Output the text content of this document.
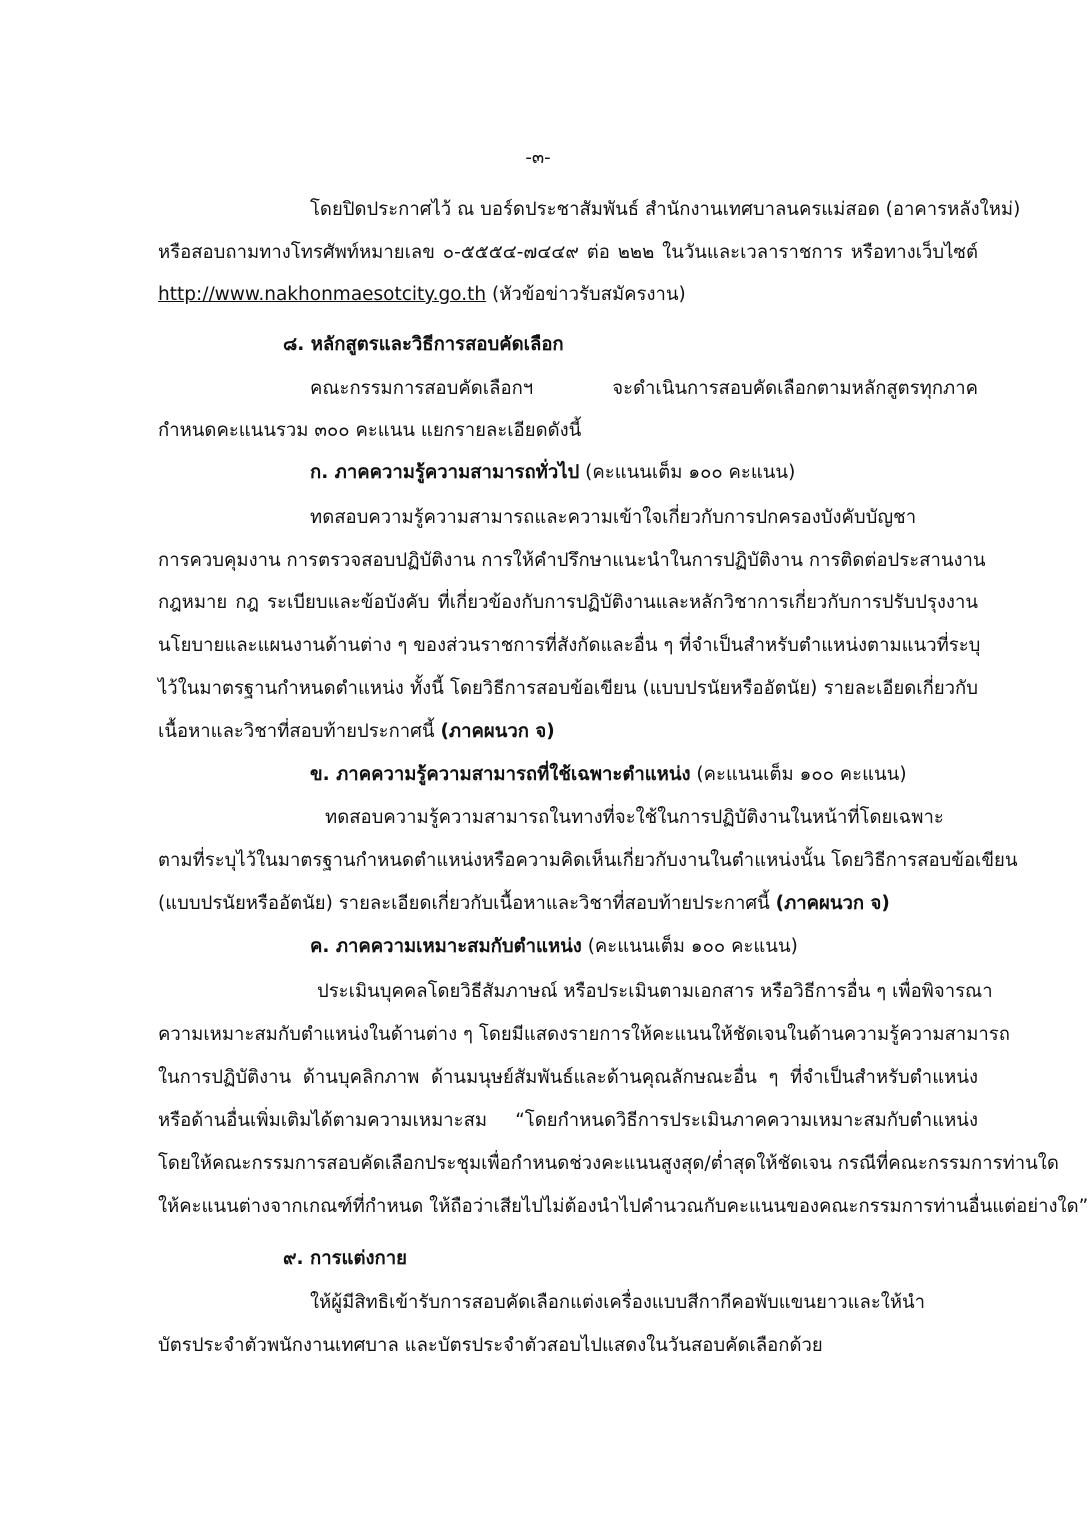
-๓-
โดยปิดประกาศไว้ ณ บอร์ดประชาสัมพันธ์ สำนักงานเทศบาลนครแม่สอด (อาคารหลังใหม่)
หรือสอบถามทางโทรศัพท์หมายเลข ๐-๕๕๕๔-๗๔๔๙ ต่อ ๒๒๒ ในวันและเวลาราชการ หรือทางเว็บไซต์
http://www.nakhonmaesotcity.go.th (หัวข้อข่าวรับสมัครงาน)
๘. หลักสูตรและวิธีการสอบคัดเลือก
คณะกรรมการสอบคัดเลือกฯ จะดำเนินการสอบคัดเลือกตามหลักสูตรทุกภาค
กำหนดคะแนนรวม ๓๐๐ คะแนน แยกรายละเอียดดังนี้
ก. ภาคความรู้ความสามารถทั่วไป (คะแนนเต็ม ๑๐๐ คะแนน)
ทดสอบความรู้ความสามารถและความเข้าใจเกี่ยวกับการปกครองบังคับบัญชา
การควบคุมงาน การตรวจสอบปฏิบัติงาน การให้คำปรึกษาแนะนำในการปฏิบัติงาน การติดต่อประสานงาน
กฎหมาย กฎ ระเบียบและข้อบังคับ ที่เกี่ยวข้องกับการปฏิบัติงานและหลักวิชาการเกี่ยวกับการปรับปรุงงาน
นโยบายและแผนงานด้านต่าง ๆ ของส่วนราชการที่สังกัดและอื่น ๆ ที่จำเป็นสำหรับตำแหน่งตามแนวที่ระบุ
ไว้ในมาตรฐานกำหนดตำแหน่ง ทั้งนี้ โดยวิธีการสอบข้อเขียน (แบบปรนัยหรืออัตนัย) รายละเอียดเกี่ยวกับ
เนื้อหาและวิชาที่สอบท้ายประกาศนี้ (ภาคผนวก จ)
ข. ภาคความรู้ความสามารถที่ใช้เฉพาะตำแหน่ง (คะแนนเต็ม ๑๐๐ คะแนน)
ทดสอบความรู้ความสามารถในทางที่จะใช้ในการปฏิบัติงานในหน้าที่โดยเฉพาะ
ตามที่ระบุไว้ในมาตรฐานกำหนดตำแหน่งหรือความคิดเห็นเกี่ยวกับงานในตำแหน่งนั้น โดยวิธีการสอบข้อเขียน
(แบบปรนัยหรืออัตนัย) รายละเอียดเกี่ยวกับเนื้อหาและวิชาที่สอบท้ายประกาศนี้ (ภาคผนวก จ)
ค. ภาคความเหมาะสมกับตำแหน่ง (คะแนนเต็ม ๑๐๐ คะแนน)
ประเมินบุคคลโดยวิธีสัมภาษณ์ หรือประเมินตามเอกสาร หรือวิธีการอื่น ๆ เพื่อพิจารณา
ความเหมาะสมกับตำแหน่งในด้านต่าง ๆ โดยมีแสดงรายการให้คะแนนให้ชัดเจนในด้านความรู้ความสามารถ
ในการปฏิบัติงาน ด้านบุคลิกภาพ ด้านมนุษย์สัมพันธ์และด้านคุณลักษณะอื่น ๆ ที่จำเป็นสำหรับตำแหน่ง
หรือด้านอื่นเพิ่มเติมได้ตามความเหมาะสม “โดยกำหนดวิธีการประเมินภาคความเหมาะสมกับตำแหน่ง
โดยให้คณะกรรมการสอบคัดเลือกประชุมเพื่อกำหนดช่วงคะแนนสูงสุด/ต่ำสุดให้ชัดเจน กรณีที่คณะกรรมการท่านใด
ให้คะแนนต่างจากเกณฑ์ที่กำหนด ให้ถือว่าเสียไปไม่ต้องนำไปคำนวณกับคะแนนของคณะกรรมการท่านอื่นแต่อย่างใด”
๙. การแต่งกาย
ให้ผู้มีสิทธิเข้ารับการสอบคัดเลือกแต่งเครื่องแบบสีกากีคอพับแขนยาวและให้นำ
บัตรประจำตัวพนักงานเทศบาล และบัตรประจำตัวสอบไปแสดงในวันสอบคัดเลือกด้วย
